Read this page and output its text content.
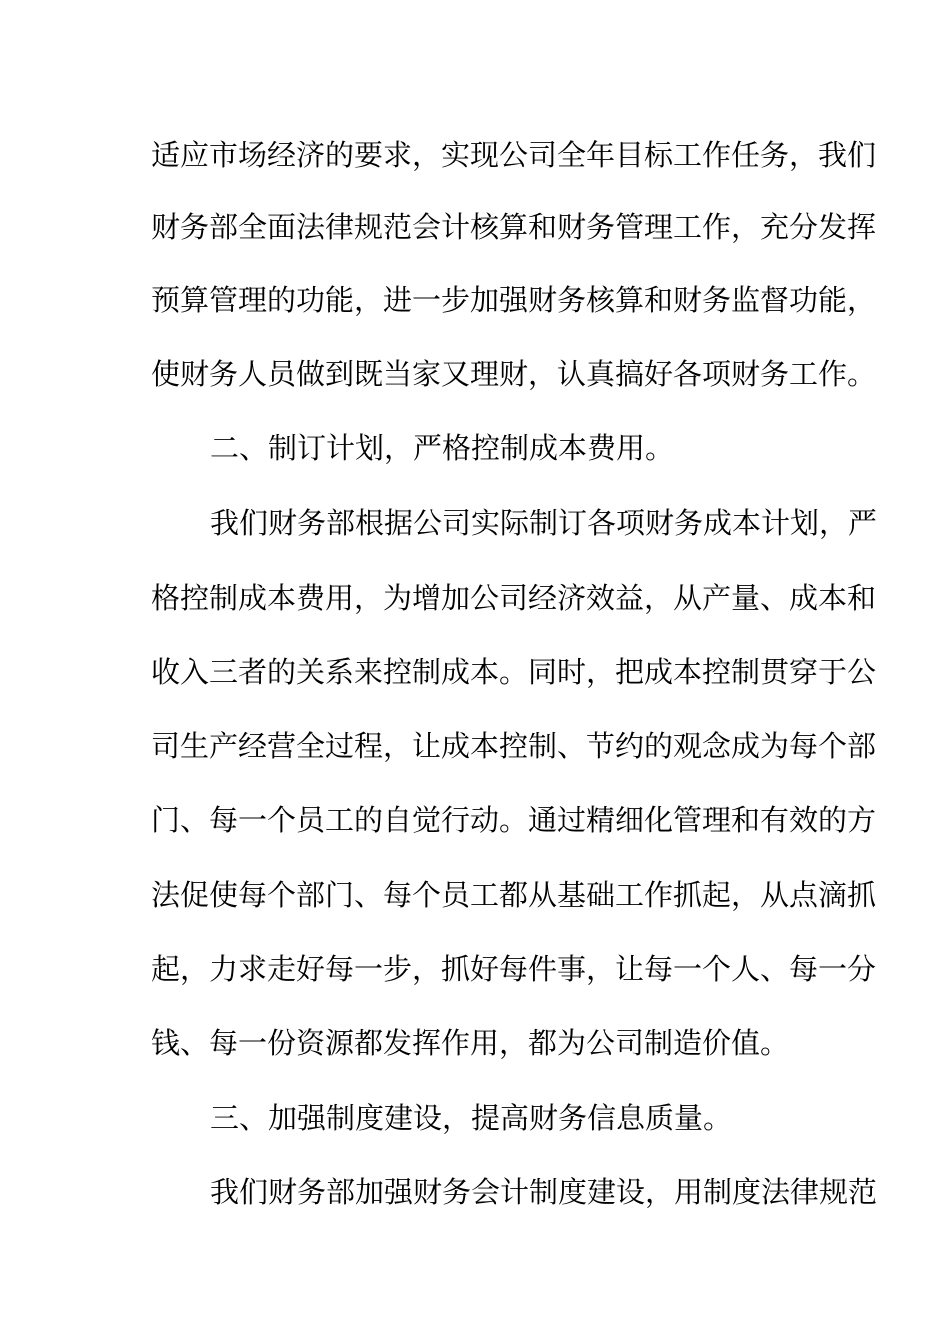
适应市场经济的要求，实现公司全年目标工作任务，我们
财务部全面法律规范会计核算和财务管理工作，充分发挥
预算管理的功能，进一步加强财务核算和财务监督功能，
使财务人员做到既当家又理财，认真搞好各项财务工作。
二、制订计划，严格控制成本费用。
我们财务部根据公司实际制订各项财务成本计划，严
格控制成本费用，为增加公司经济效益，从产量、成本和
收入三者的关系来控制成本。同时，把成本控制贯穿于公
司生产经营全过程，让成本控制、节约的观念成为每个部
门、每一个员工的自觉行动。通过精细化管理和有效的方
法促使每个部门、每个员工都从基础工作抓起，从点滴抓
起，力求走好每一步，抓好每件事，让每一个人、每一分
钱、每一份资源都发挥作用，都为公司制造价值。
三、加强制度建设，提高财务信息质量。
我们财务部加强财务会计制度建设，用制度法律规范
